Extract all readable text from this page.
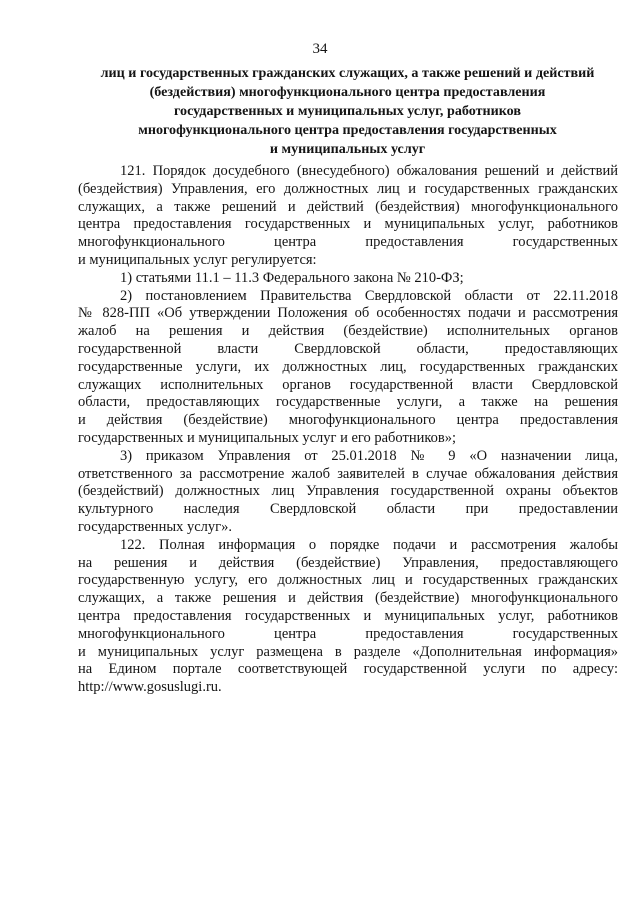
34
лиц и государственных гражданских служащих, а также решений и действий
(бездействия) многофункционального центра предоставления
государственных и муниципальных услуг, работников
многофункционального центра предоставления государственных
и муниципальных услуг
121. Порядок досудебного (внесудебного) обжалования решений и действий
(бездействия) Управления, его должностных лиц и государственных гражданских
служащих, а также решений и действий (бездействия) многофункционального
центра предоставления государственных и муниципальных услуг, работников
многофункционального центра предоставления государственных
и муниципальных услуг регулируется:
1) статьями 11.1 – 11.3 Федерального закона № 210-ФЗ;
2) постановлением Правительства Свердловской области от 22.11.2018
№ 828-ПП «Об утверждении Положения об особенностях подачи и рассмотрения
жалоб на решения и действия (бездействие) исполнительных органов
государственной власти Свердловской области, предоставляющих
государственные услуги, их должностных лиц, государственных гражданских
служащих исполнительных органов государственной власти Свердловской
области, предоставляющих государственные услуги, а также на решения
и действия (бездействие) многофункционального центра предоставления
государственных и муниципальных услуг и его работников»;
3) приказом Управления от 25.01.2018 № 9 «О назначении лица,
ответственного за рассмотрение жалоб заявителей в случае обжалования действия
(бездействий) должностных лиц Управления государственной охраны объектов
культурного наследия Свердловской области при предоставлении
государственных услуг».
122. Полная информация о порядке подачи и рассмотрения жалобы
на решения и действия (бездействие) Управления, предоставляющего
государственную услугу, его должностных лиц и государственных гражданских
служащих, а также решения и действия (бездействие) многофункционального
центра предоставления государственных и муниципальных услуг, работников
многофункционального центра предоставления государственных
и муниципальных услуг размещена в разделе «Дополнительная информация»
на Едином портале соответствующей государственной услуги по адресу:
http://www.gosuslugi.ru.
